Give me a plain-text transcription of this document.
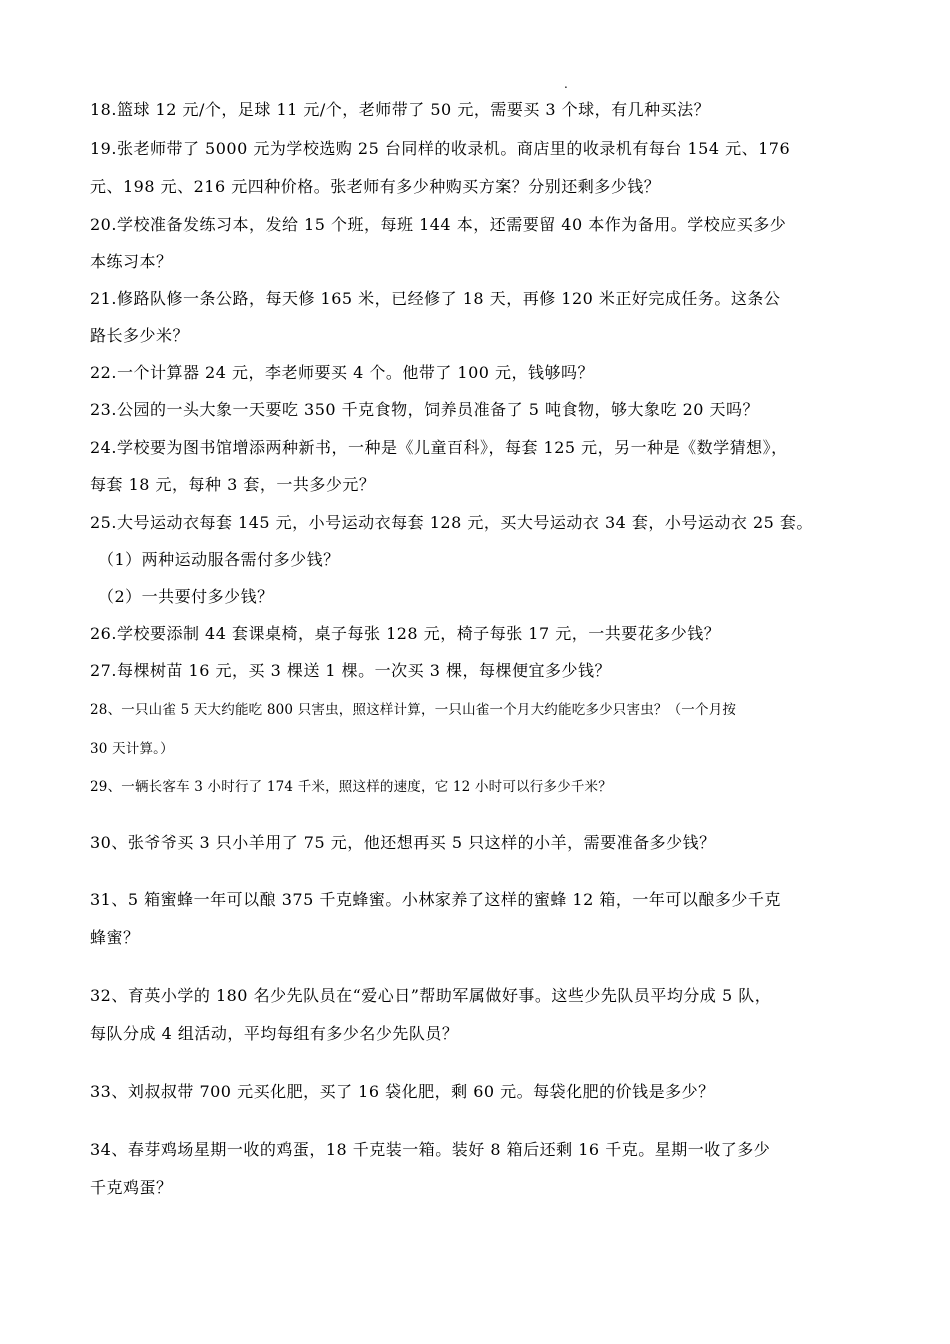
.
18.篮球 12 元/个，足球 11 元/个，老师带了 50 元，需要买 3 个球，有几种买法？
19.张老师带了 5000 元为学校选购 25 台同样的收录机。商店里的收录机有每台 154 元、176
元、198 元、216 元四种价格。张老师有多少种购买方案？分别还剩多少钱？
20.学校准备发练习本，发给 15 个班，每班 144 本，还需要留 40 本作为备用。学校应买多少
本练习本？
21.修路队修一条公路，每天修 165 米，已经修了 18 天，再修 120 米正好完成任务。这条公
路长多少米？
22.一个计算器 24 元，李老师要买 4 个。他带了 100 元，钱够吗？
23.公园的一头大象一天要吃 350 千克食物，饲养员准备了 5 吨食物，够大象吃 20 天吗？
24.学校要为图书馆增添两种新书，一种是《儿童百科》，每套 125 元，另一种是《数学猜想》，
每套 18 元，每种 3 套，一共多少元？
25.大号运动衣每套 145 元，小号运动衣每套 128 元，买大号运动衣 34 套，小号运动衣 25 套。
（1）两种运动服各需付多少钱？
（2）一共要付多少钱？
26.学校要添制 44 套课桌椅，桌子每张 128 元，椅子每张 17 元，一共要花多少钱？
27.每棵树苗 16 元，买 3 棵送 1 棵。一次买 3 棵，每棵便宜多少钱？
28、一只山雀 5 天大约能吃 800 只害虫，照这样计算，一只山雀一个月大约能吃多少只害虫？（一个月按
30 天计算。）
29、一辆长客车 3 小时行了 174 千米，照这样的速度，它 12 小时可以行多少千米？
30、张爷爷买 3 只小羊用了 75 元，他还想再买 5 只这样的小羊，需要准备多少钱？
31、5 箱蜜蜂一年可以酿 375 千克蜂蜜。小林家养了这样的蜜蜂 12 箱，一年可以酿多少千克
蜂蜜？
32、育英小学的 180 名少先队员在“爱心日”帮助军属做好事。这些少先队员平均分成 5 队，
每队分成 4 组活动，平均每组有多少名少先队员？
33、刘叔叔带 700 元买化肥，买了 16 袋化肥，剩 60 元。每袋化肥的价钱是多少？
34、春芽鸡场星期一收的鸡蛋，18 千克装一箱。装好 8 箱后还剩 16 千克。星期一收了多少
千克鸡蛋？
